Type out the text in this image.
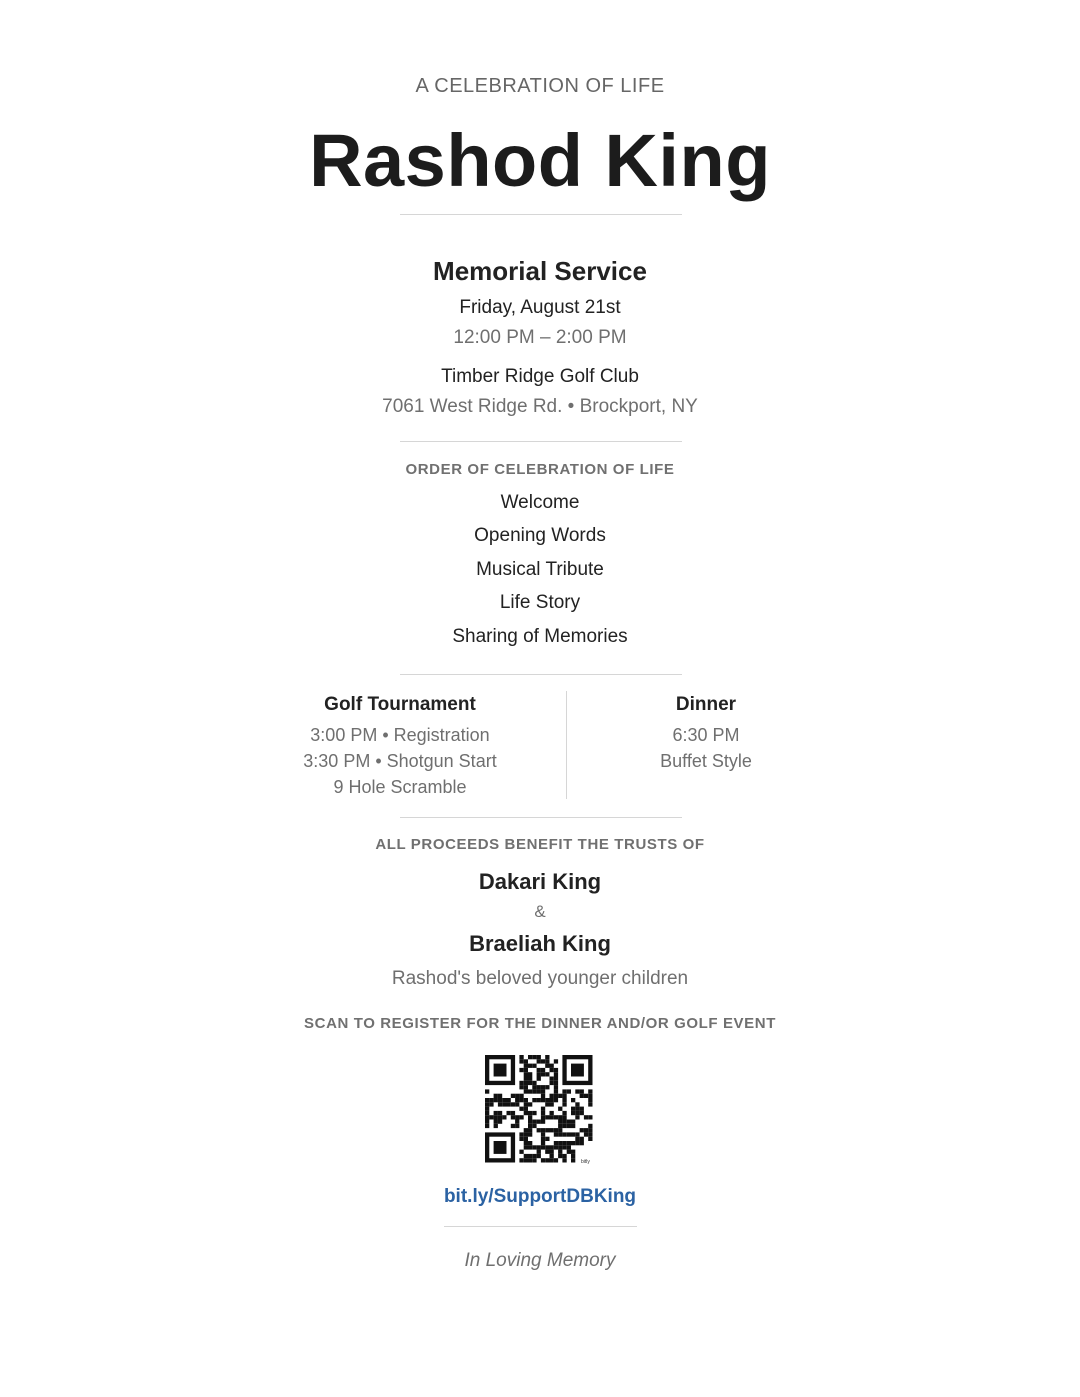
A CELEBRATION OF LIFE
Rashod King
Memorial Service
Friday, August 21st
12:00 PM – 2:00 PM
Timber Ridge Golf Club
7061 West Ridge Rd. • Brockport, NY
ORDER OF CELEBRATION OF LIFE
Welcome
Opening Words
Musical Tribute
Life Story
Sharing of Memories
Golf Tournament
3:00 PM • Registration
3:30 PM • Shotgun Start
9 Hole Scramble
Dinner
6:30 PM
Buffet Style
ALL PROCEEDS BENEFIT THE TRUSTS OF
Dakari King
&
Braeliah King
Rashod's beloved younger children
SCAN TO REGISTER FOR THE DINNER AND/OR GOLF EVENT
bitly
bit.ly/SupportDBKing
In Loving Memory
